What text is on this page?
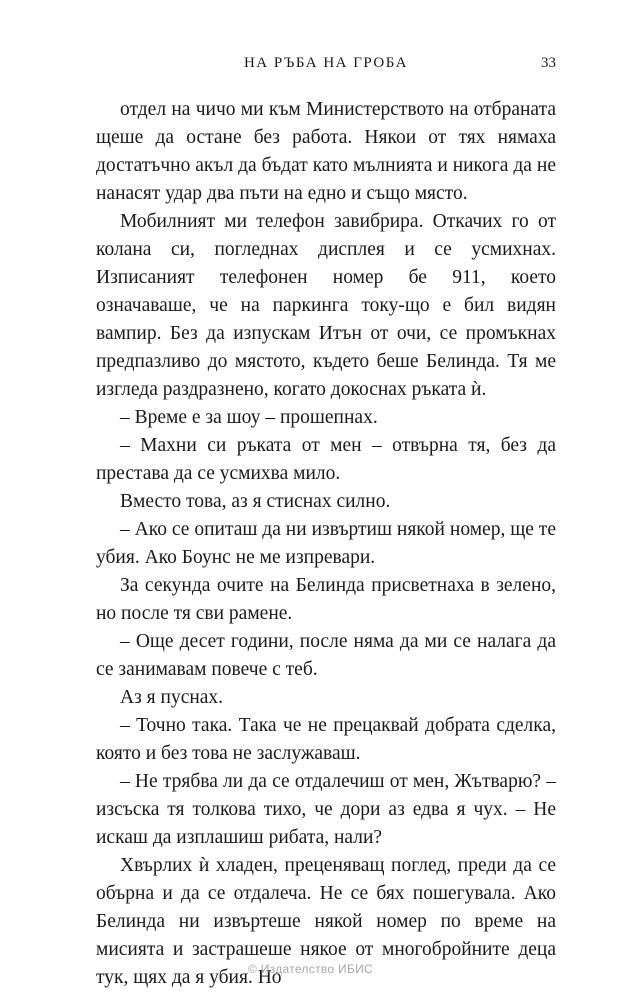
НА РЪБА НА ГРОБА	33

отдел на чичо ми към Министерството на отбраната щеше да остане без работа. Някои от тях нямаха достатъчно акъл да бъдат като мълнията и никога да не нанасят удар два пъти на едно и също място.

Мобилният ми телефон завибрира. Откачих го от колана си, погледнах дисплея и се усмихнах. Изписаният телефонен номер бе 911, което означаваше, че на паркинга току-що е бил видян вампир. Без да изпускам Итън от очи, се промъкнах предпазливо до мястото, където беше Белинда. Тя ме изгледа раздразнено, когато докоснах ръката ѝ.

– Време е за шоу – прошепнах.

– Махни си ръката от мен – отвърна тя, без да престава да се усмихва мило.

Вместо това, аз я стиснах силно.

– Ако се опиташ да ни извъртиш някой номер, ще те убия. Ако Боунс не ме изпревари.

За секунда очите на Белинда присветнаха в зелено, но после тя сви рамене.

– Още десет години, после няма да ми се налага да се занимавам повече с теб.

Аз я пуснах.

– Точно така. Така че не прецаквай добрата сделка, която и без това не заслужаваш.

– Не трябва ли да се отдалечиш от мен, Жътварю? – изсъска тя толкова тихо, че дори аз едва я чух. – Не искаш да изплашиш рибата, нали?

Хвърлих ѝ хладен, преценяващ поглед, преди да се обърна и да се отдалеча. Не се бях пошегувала. Ако Белинда ни извъртеше някой номер по време на мисията и застрашеше някое от многобройните деца тук, щях да я убия. Но

© Издателство ИБИС
